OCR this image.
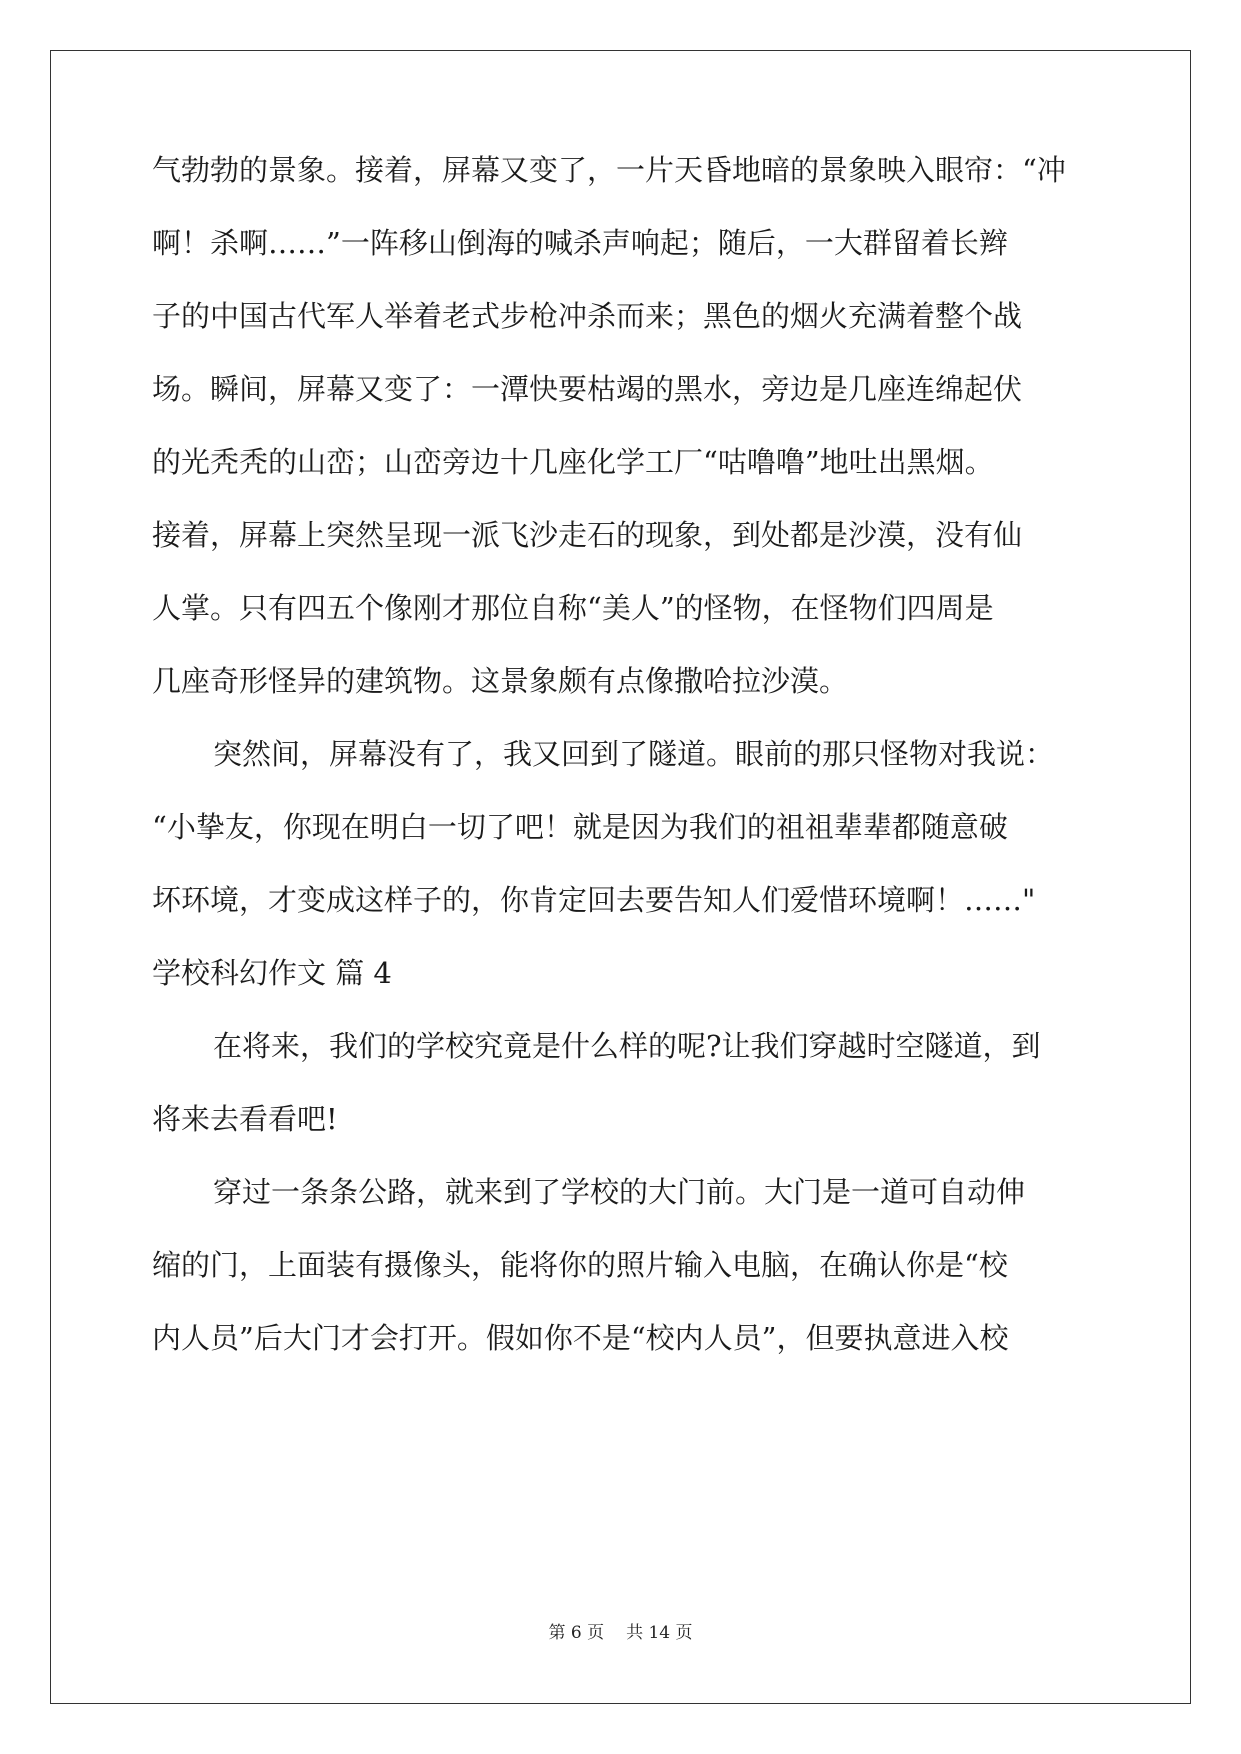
气勃勃的景象。接着，屏幕又变了，一片天昏地暗的景象映入眼帘：“冲
啊！杀啊……”一阵移山倒海的喊杀声响起；随后，一大群留着长辫
子的中国古代军人举着老式步枪冲杀而来；黑色的烟火充满着整个战
场。瞬间，屏幕又变了：一潭快要枯竭的黑水，旁边是几座连绵起伏
的光秃秃的山峦；山峦旁边十几座化学工厂“咕噜噜”地吐出黑烟。
接着，屏幕上突然呈现一派飞沙走石的现象，到处都是沙漠，没有仙
人掌。只有四五个像刚才那位自称“美人”的怪物，在怪物们四周是
几座奇形怪异的建筑物。这景象颇有点像撒哈拉沙漠。
突然间，屏幕没有了，我又回到了隧道。眼前的那只怪物对我说：
“小挚友，你现在明白一切了吧！就是因为我们的祖祖辈辈都随意破
坏环境，才变成这样子的，你肯定回去要告知人们爱惜环境啊！……"
学校科幻作文 篇 4
在将来，我们的学校究竟是什么样的呢?让我们穿越时空隧道，到
将来去看看吧!
穿过一条条公路，就来到了学校的大门前。大门是一道可自动伸
缩的门，上面装有摄像头，能将你的照片输入电脑，在确认你是“校
内人员”后大门才会打开。假如你不是“校内人员”，但要执意进入校
第 6 页 共 14 页
